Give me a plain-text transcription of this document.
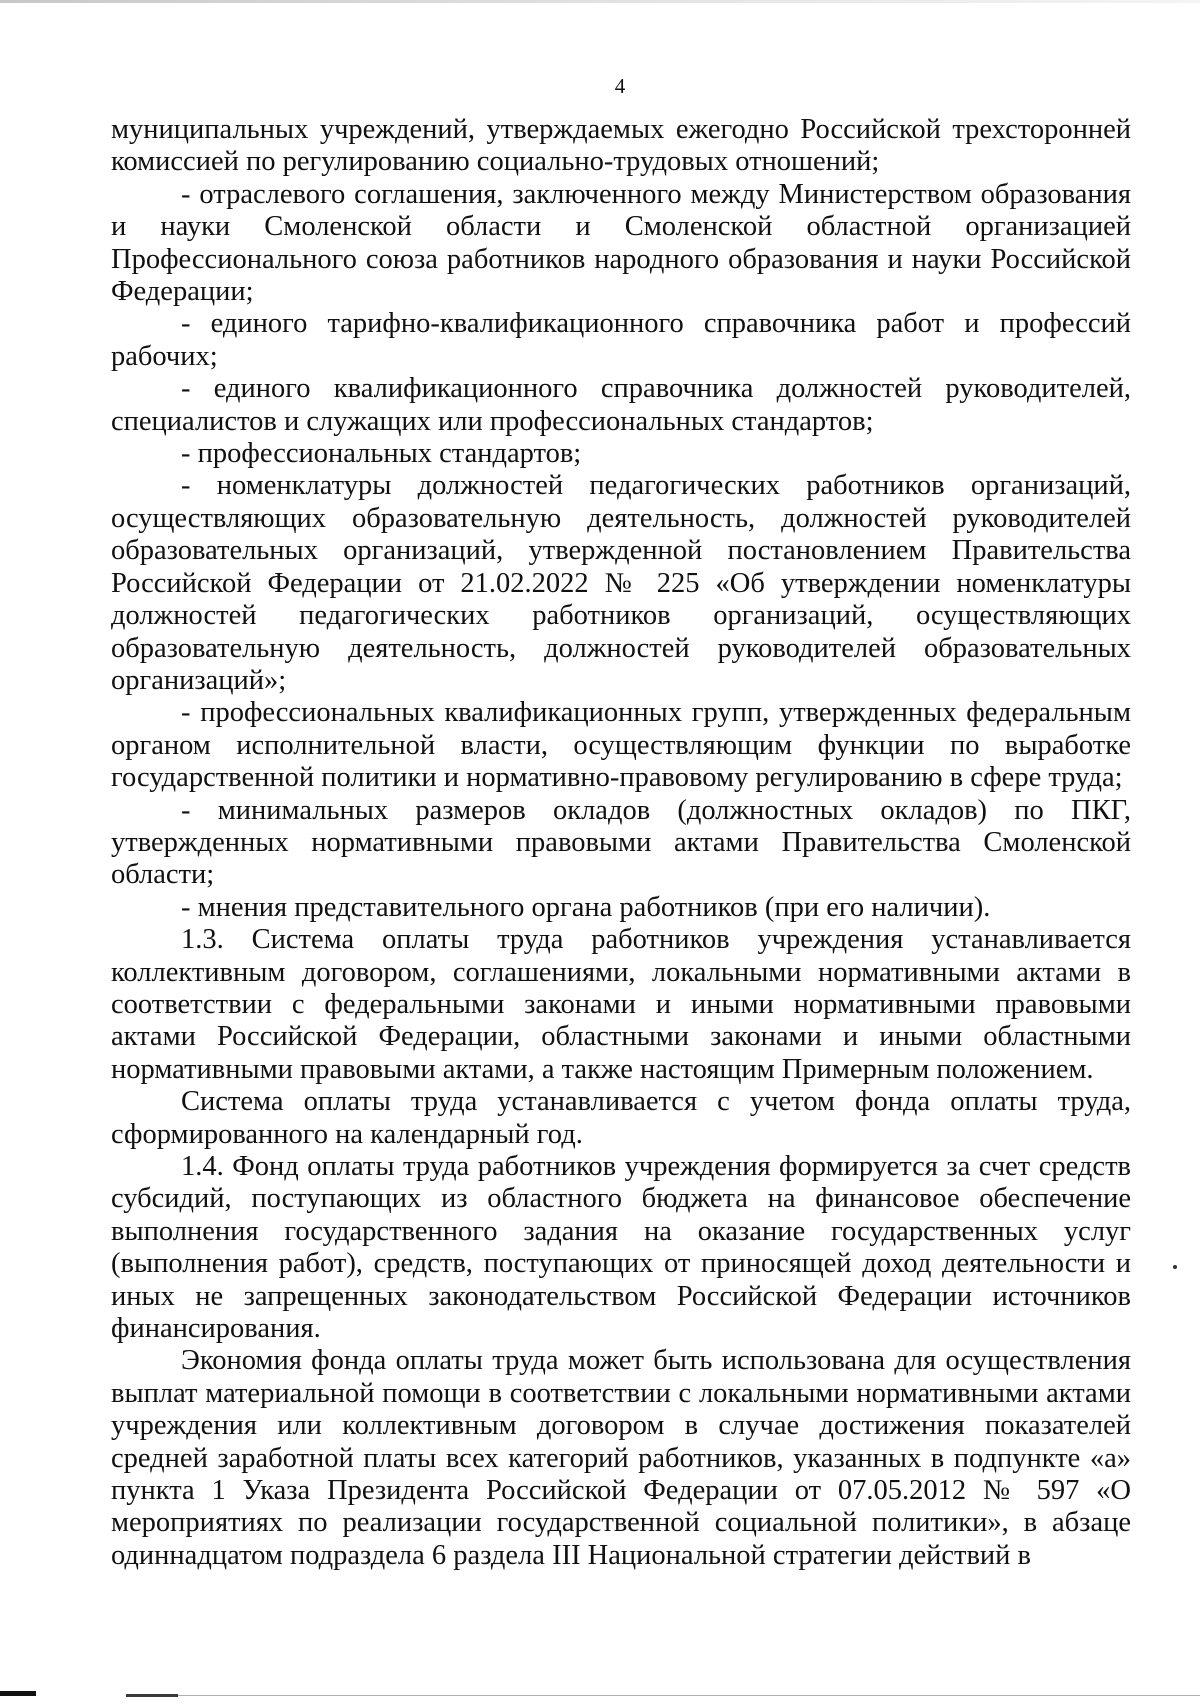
4

муниципальных учреждений, утверждаемых ежегодно Российской трехсторонней комиссией по регулированию социально-трудовых отношений;

- отраслевого соглашения, заключенного между Министерством образования и науки Смоленской области и Смоленской областной организацией Профессионального союза работников народного образования и науки Российской Федерации;

- единого тарифно-квалификационного справочника работ и профессий рабочих;

- единого квалификационного справочника должностей руководителей, специалистов и служащих или профессиональных стандартов;

- профессиональных стандартов;

- номенклатуры должностей педагогических работников организаций, осуществляющих образовательную деятельность, должностей руководителей образовательных организаций, утвержденной постановлением Правительства Российской Федерации от 21.02.2022 № 225 «Об утверждении номенклатуры должностей педагогических работников организаций, осуществляющих образовательную деятельность, должностей руководителей образовательных организаций»;

- профессиональных квалификационных групп, утвержденных федеральным органом исполнительной власти, осуществляющим функции по выработке государственной политики и нормативно-правовому регулированию в сфере труда;

- минимальных размеров окладов (должностных окладов) по ПКГ, утвержденных нормативными правовыми актами Правительства Смоленской области;

- мнения представительного органа работников (при его наличии).

1.3. Система оплаты труда работников учреждения устанавливается коллективным договором, соглашениями, локальными нормативными актами в соответствии с федеральными законами и иными нормативными правовыми актами Российской Федерации, областными законами и иными областными нормативными правовыми актами, а также настоящим Примерным положением.

Система оплаты труда устанавливается с учетом фонда оплаты труда, сформированного на календарный год.

1.4. Фонд оплаты труда работников учреждения формируется за счет средств субсидий, поступающих из областного бюджета на финансовое обеспечение выполнения государственного задания на оказание государственных услуг (выполнения работ), средств, поступающих от приносящей доход деятельности и иных не запрещенных законодательством Российской Федерации источников финансирования.

Экономия фонда оплаты труда может быть использована для осуществления выплат материальной помощи в соответствии с локальными нормативными актами учреждения или коллективным договором в случае достижения показателей средней заработной платы всех категорий работников, указанных в подпункте «а» пункта 1 Указа Президента Российской Федерации от 07.05.2012 № 597 «О мероприятиях по реализации государственной социальной политики», в абзаце одиннадцатом подраздела 6 раздела III Национальной стратегии действий в
